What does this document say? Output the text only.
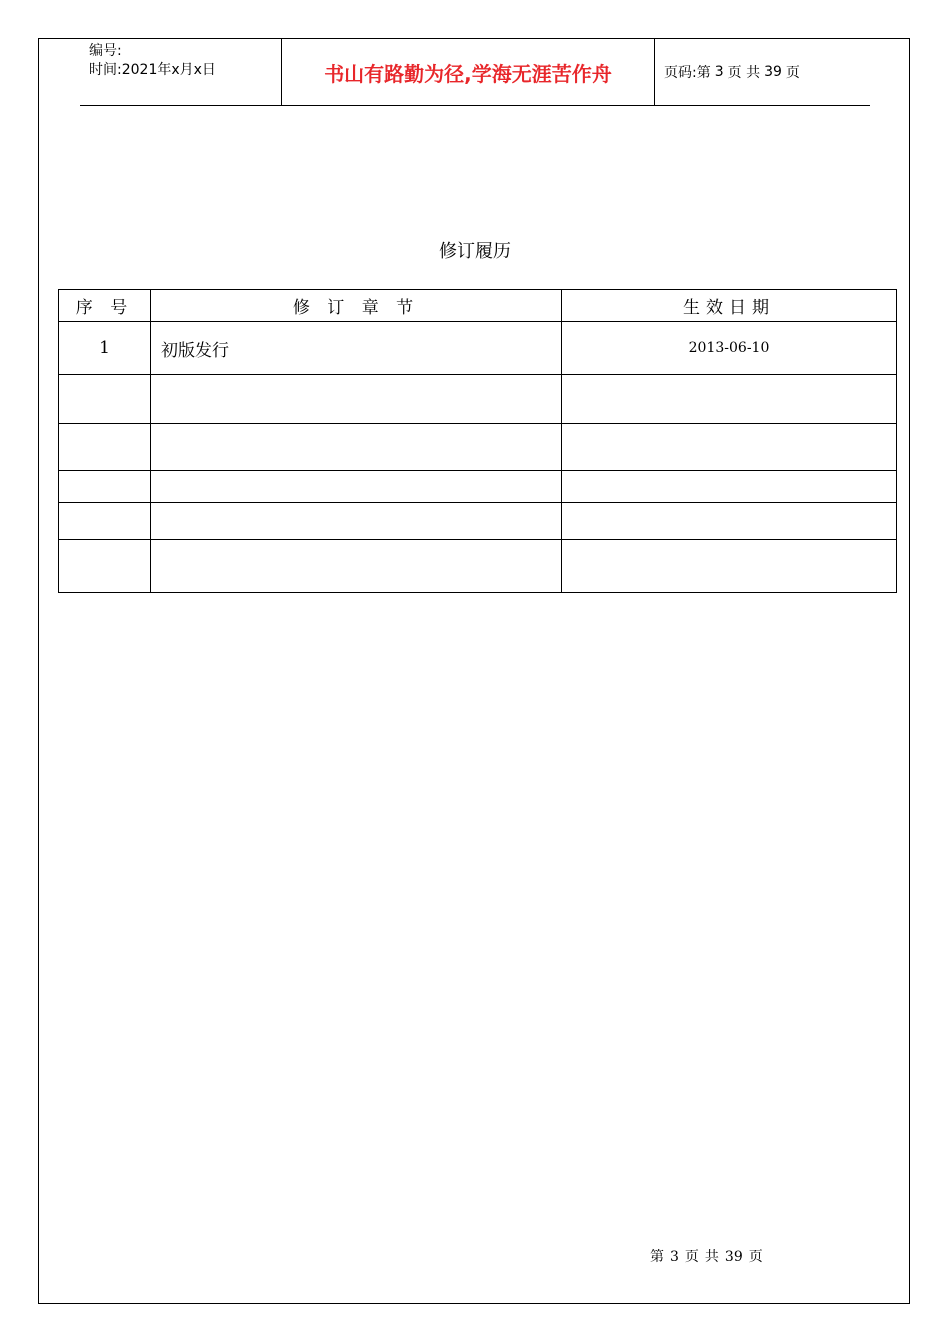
编号:
时间:2021年x月x日	书山有路勤为径,学海无涯苦作舟	页码:第 3 页 共 39 页
修订履历
序 号	修 订 章 节	生效日期
1	初版发行	2013-06-10

第 3 页 共 39 页
